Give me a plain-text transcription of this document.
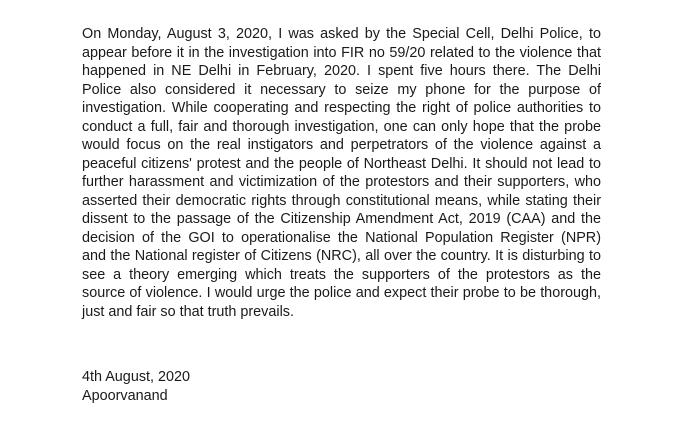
On Monday, August 3, 2020, I was asked by the Special Cell, Delhi Police, to
appear before it in the investigation into FIR no 59/20 related to the violence that
happened in NE Delhi in February, 2020. I spent five hours there. The Delhi
Police also considered it necessary to seize my phone for the purpose of
investigation. While cooperating and respecting the right of police authorities to
conduct a full, fair and thorough investigation, one can only hope that the probe
would focus on the real instigators and perpetrators of the violence against a
peaceful citizens' protest and the people of Northeast Delhi. It should not lead to
further harassment and victimization of the protestors and their supporters, who
asserted their democratic rights through constitutional means, while stating their
dissent to the passage of the Citizenship Amendment Act, 2019 (CAA) and the
decision of the GOI to operationalise the National Population Register (NPR)
and the National register of Citizens (NRC), all over the country. It is disturbing to
see a theory emerging which treats the supporters of the protestors as the
source of violence. I would urge the police and expect their probe to be thorough,
just and fair so that truth prevails.

4th August, 2020
Apoorvanand
